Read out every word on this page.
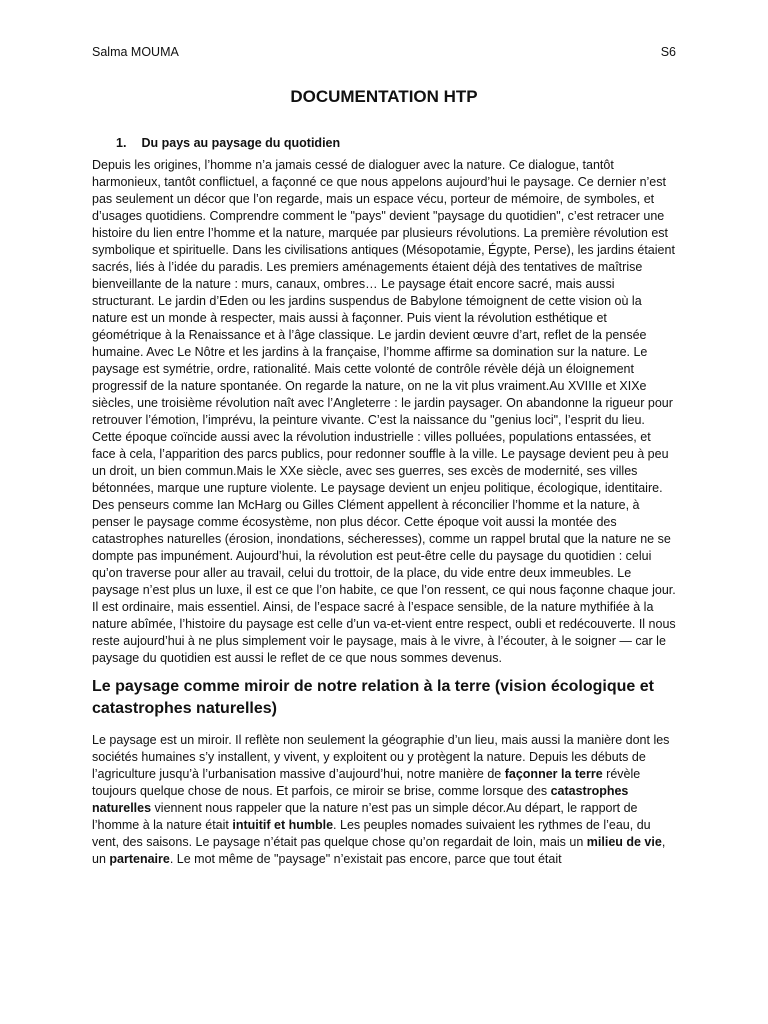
Salma MOUMA	S6
DOCUMENTATION HTP
1. Du pays au paysage du quotidien

Depuis les origines, l’homme n’a jamais cessé de dialoguer avec la nature. Ce dialogue, tantôt harmonieux, tantôt conflictuel, a façonné ce que nous appelons aujourd’hui le paysage. Ce dernier n’est pas seulement un décor que l’on regarde, mais un espace vécu, porteur de mémoire, de symboles, et d’usages quotidiens. Comprendre comment le "pays" devient "paysage du quotidien", c’est retracer une histoire du lien entre l’homme et la nature, marquée par plusieurs révolutions. La première révolution est symbolique et spirituelle. Dans les civilisations antiques (Mésopotamie, Égypte, Perse), les jardins étaient sacrés, liés à l’idée du paradis. Les premiers aménagements étaient déjà des tentatives de maîtrise bienveillante de la nature : murs, canaux, ombres… Le paysage était encore sacré, mais aussi structurant. Le jardin d’Eden ou les jardins suspendus de Babylone témoignent de cette vision où la nature est un monde à respecter, mais aussi à façonner. Puis vient la révolution esthétique et géométrique à la Renaissance et à l’âge classique. Le jardin devient œuvre d’art, reflet de la pensée humaine. Avec Le Nôtre et les jardins à la française, l’homme affirme sa domination sur la nature. Le paysage est symétrie, ordre, rationalité. Mais cette volonté de contrôle révèle déjà un éloignement progressif de la nature spontanée. On regarde la nature, on ne la vit plus vraiment.Au XVIIIe et XIXe siècles, une troisième révolution naît avec l’Angleterre : le jardin paysager. On abandonne la rigueur pour retrouver l’émotion, l’imprévu, la peinture vivante. C’est la naissance du "genius loci", l’esprit du lieu. Cette époque coïncide aussi avec la révolution industrielle : villes polluées, populations entassées, et face à cela, l’apparition des parcs publics, pour redonner souffle à la ville. Le paysage devient peu à peu un droit, un bien commun.Mais le XXe siècle, avec ses guerres, ses excès de modernité, ses villes bétonnées, marque une rupture violente. Le paysage devient un enjeu politique, écologique, identitaire. Des penseurs comme Ian McHarg ou Gilles Clément appellent à réconcilier l’homme et la nature, à penser le paysage comme écosystème, non plus décor. Cette époque voit aussi la montée des catastrophes naturelles (érosion, inondations, sécheresses), comme un rappel brutal que la nature ne se dompte pas impunément. Aujourd’hui, la révolution est peut-être celle du paysage du quotidien : celui qu’on traverse pour aller au travail, celui du trottoir, de la place, du vide entre deux immeubles. Le paysage n’est plus un luxe, il est ce que l’on habite, ce que l’on ressent, ce qui nous façonne chaque jour. Il est ordinaire, mais essentiel. Ainsi, de l’espace sacré à l’espace sensible, de la nature mythifiée à la nature abîmée, l’histoire du paysage est celle d’un va-et-vient entre respect, oubli et redécouverte. Il nous reste aujourd’hui à ne plus simplement voir le paysage, mais à le vivre, à l’écouter, à le soigner — car le paysage du quotidien est aussi le reflet de ce que nous sommes devenus.

Le paysage comme miroir de notre relation à la terre (vision écologique et catastrophes naturelles)

Le paysage est un miroir. Il reflète non seulement la géographie d’un lieu, mais aussi la manière dont les sociétés humaines s’y installent, y vivent, y exploitent ou y protègent la nature. Depuis les débuts de l’agriculture jusqu’à l’urbanisation massive d’aujourd’hui, notre manière de façonner la terre révèle toujours quelque chose de nous. Et parfois, ce miroir se brise, comme lorsque des catastrophes naturelles viennent nous rappeler que la nature n’est pas un simple décor.Au départ, le rapport de l’homme à la nature était intuitif et humble. Les peuples nomades suivaient les rythmes de l’eau, du vent, des saisons. Le paysage n’était pas quelque chose qu’on regardait de loin, mais un milieu de vie, un partenaire. Le mot même de "paysage" n’existait pas encore, parce que tout était
